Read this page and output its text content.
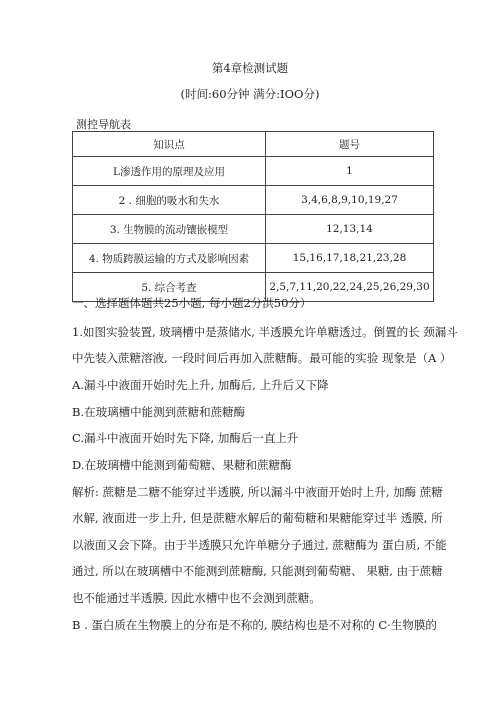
第4章检测试题
(时间:60分钟 满分:IOO分)
测控导航表
知识点	题号
L渗透作用的原理及应用	1
2 . 细胞的吸水和失水	3,4,6,8,9,10,19,27
3. 生物膜的流动镶嵌模型	12,13,14
4. 物质跨膜运输的方式及影响因素	15,16,17,18,21,23,28
5. 综合考查	2,5,7,11,20,22,24,25,26,29,30
一、选择题体题共25小题, 每小题2分洪50分）
1.如图实验装置, 玻璃槽中是蒸储水, 半透膜允许单糖透过。倒置的长 颈漏斗
中先装入蔗糖溶液, 一段时间后再加入蔗糖酶。最可能的实验 现象是（A ）
A.漏斗中液面开始时先上升, 加酶后, 上升后又下降
B.在玻璃槽中能测到蔗糖和蔗糖酶
C.漏斗中液面开始时先下降, 加酶后一直上升
D.在玻璃槽中能测到葡萄糖、果糖和蔗糖酶
解析: 蔗糖是二糖不能穿过半透膜, 所以漏斗中液面开始时上升, 加酶 蔗糖
水解, 液面进一步上升, 但是蔗糖水解后的葡萄糖和果糖能穿过半 透膜, 所
以液面又会下降。由于半透膜只允许单糖分子通过, 蔗糖酶为 蛋白质, 不能
通过, 所以在玻璃槽中不能测到蔗糖酶, 只能测到葡萄糖、 果糖, 由于蔗糖
也不能通过半透膜, 因此水槽中也不会测到蔗糖。
B . 蛋白质在生物膜上的分布是不称的, 膜结构也是不对称的 C·生物膜的
